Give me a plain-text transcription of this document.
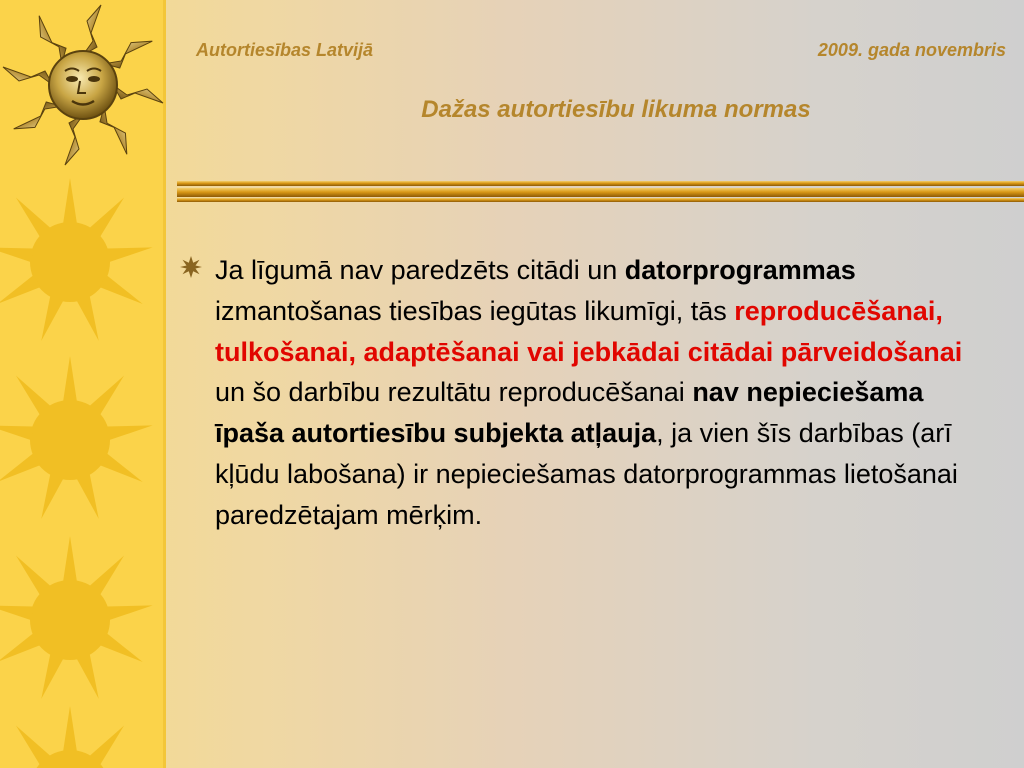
Autortiesības Latvijā	2009. gada novembris
Dažas autortiesību likuma normas

Ja līgumā nav paredzēts citādi un datorprogrammas izmantošanas tiesības iegūtas likumīgi, tās reproducēšanai, tulkošanai, adaptēšanai vai jebkādai citādai pārveidošanai un šo darbību rezultātu reproducēšanai nav nepieciešama īpaša autortiesību subjekta atļauja, ja vien šīs darbības (arī kļūdu labošana) ir nepieciešamas datorprogrammas lietošanai paredzētajam mērķim.
